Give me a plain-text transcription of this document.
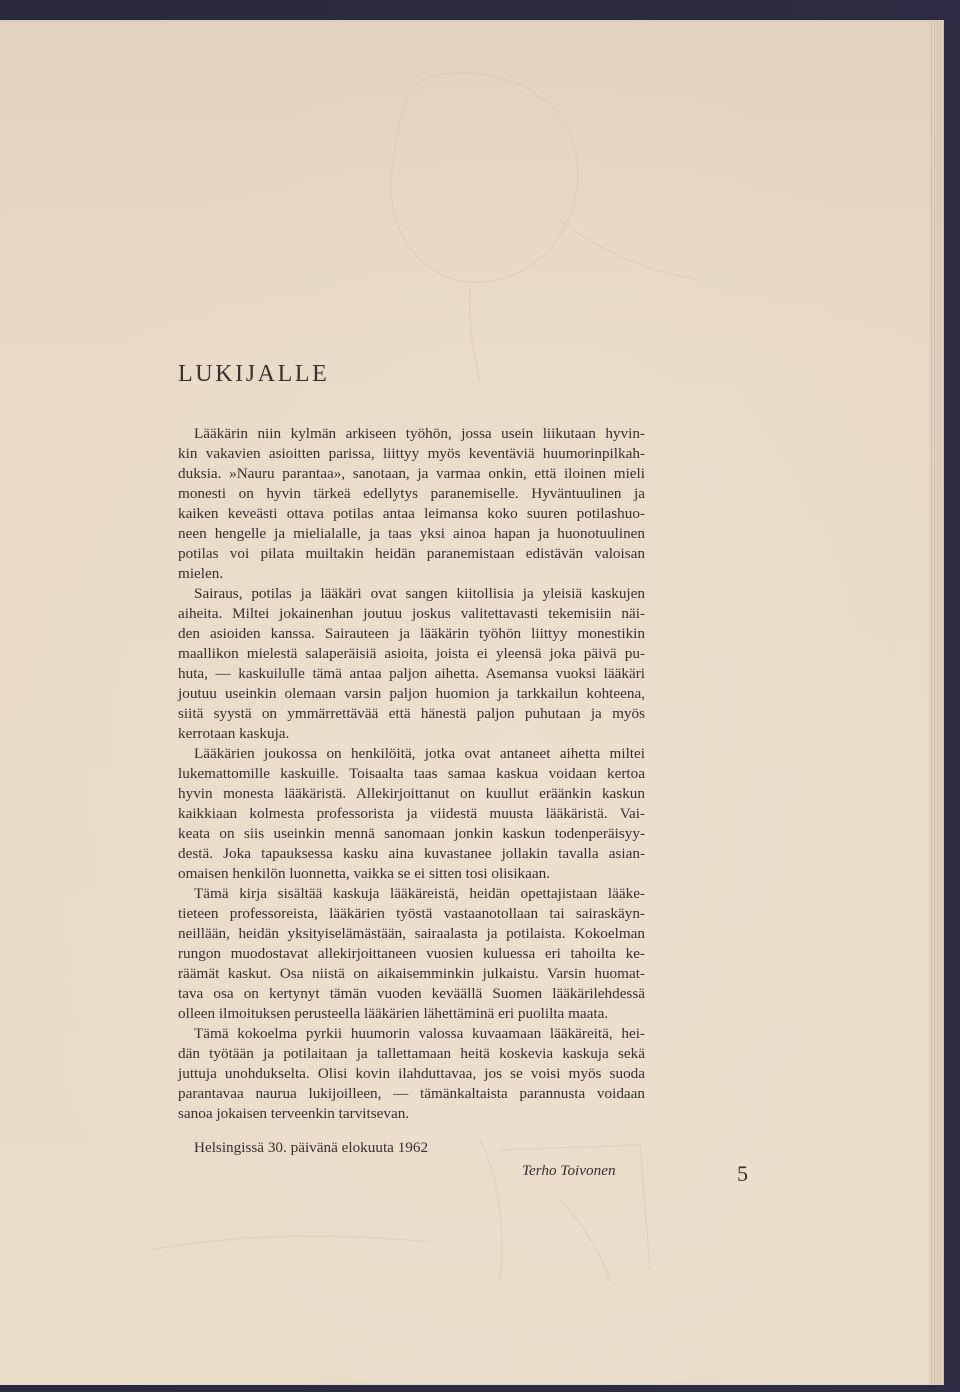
LUKIJALLE
Lääkärin niin kylmän arkiseen työhön, jossa usein liikutaan hyvin-
kin vakavien asioitten parissa, liittyy myös keventäviä huumorinpilkah-
duksia. »Nauru parantaa», sanotaan, ja varmaa onkin, että iloinen mieli
monesti on hyvin tärkeä edellytys paranemiselle. Hyväntuulinen ja
kaiken keveästi ottava potilas antaa leimansa koko suuren potilashuo-
neen hengelle ja mielialalle, ja taas yksi ainoa hapan ja huonotuulinen
potilas voi pilata muiltakin heidän paranemistaan edistävän valoisan
mielen.
Sairaus, potilas ja lääkäri ovat sangen kiitollisia ja yleisiä kaskujen
aiheita. Miltei jokainenhan joutuu joskus valitettavasti tekemisiin näi-
den asioiden kanssa. Sairauteen ja lääkärin työhön liittyy monestikin
maallikon mielestä salaperäisiä asioita, joista ei yleensä joka päivä pu-
huta, — kaskuilulle tämä antaa paljon aihetta. Asemansa vuoksi lääkäri
joutuu useinkin olemaan varsin paljon huomion ja tarkkailun kohteena,
siitä syystä on ymmärrettävää että hänestä paljon puhutaan ja myös
kerrotaan kaskuja.
Lääkärien joukossa on henkilöitä, jotka ovat antaneet aihetta miltei
lukemattomille kaskuille. Toisaalta taas samaa kaskua voidaan kertoa
hyvin monesta lääkäristä. Allekirjoittanut on kuullut eräänkin kaskun
kaikkiaan kolmesta professorista ja viidestä muusta lääkäristä. Vai-
keata on siis useinkin mennä sanomaan jonkin kaskun todenperäisyy-
destä. Joka tapauksessa kasku aina kuvastanee jollakin tavalla asian-
omaisen henkilön luonnetta, vaikka se ei sitten tosi olisikaan.
Tämä kirja sisältää kaskuja lääkäreistä, heidän opettajistaan lääke-
tieteen professoreista, lääkärien työstä vastaanotollaan tai sairaskäyn-
neillään, heidän yksityiselämästään, sairaalasta ja potilaista. Kokoelman
rungon muodostavat allekirjoittaneen vuosien kuluessa eri tahoilta ke-
räämät kaskut. Osa niistä on aikaisemminkin julkaistu. Varsin huomat-
tava osa on kertynyt tämän vuoden keväällä Suomen lääkärilehdessä
olleen ilmoituksen perusteella lääkärien lähettäminä eri puolilta maata.
Tämä kokoelma pyrkii huumorin valossa kuvaamaan lääkäreitä, hei-
dän työtään ja potilaitaan ja tallettamaan heitä koskevia kaskuja sekä
juttuja unohdukselta. Olisi kovin ilahduttavaa, jos se voisi myös suoda
parantavaa naurua lukijoilleen, — tämänkaltaista parannusta voidaan
sanoa jokaisen terveenkin tarvitsevan.
Helsingissä 30. päivänä elokuuta 1962
Terho Toivonen	5
